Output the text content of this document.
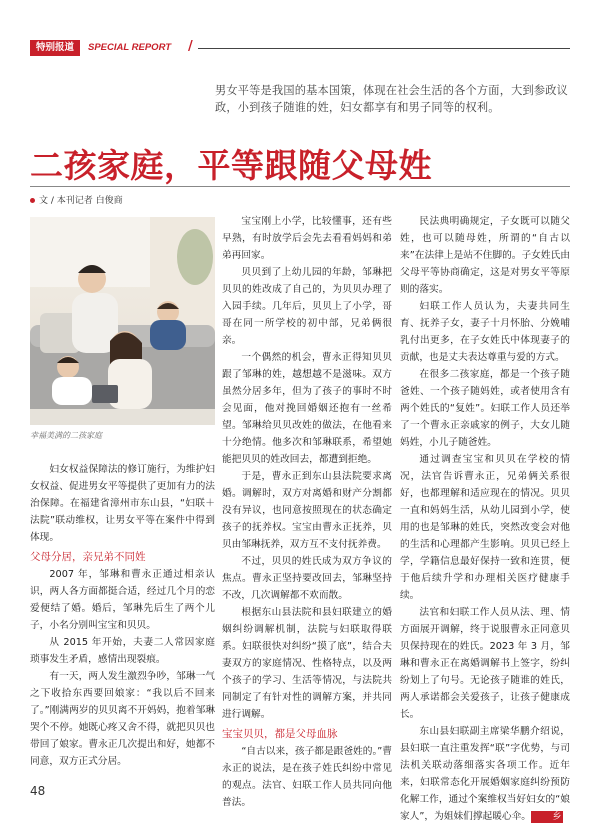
特别报道	SPECIAL REPORT /
男女平等是我国的基本国策，体现在社会生活的各个方面，大到参政议政，小到孩子随谁的姓，妇女都享有和男子同等的权利。
二孩家庭，平等跟随父母姓
文 / 本刊记者 白俊商
幸福美满的二孩家庭

妇女权益保障法的修订施行，为维护妇女权益、促进男女平等提供了更加有力的法治保障。在福建省漳州市东山县，“妇联＋法院”联动维权，让男女平等在案件中得到体现。

父母分居，亲兄弟不同姓

2007 年，邹琳和曹永正通过相亲认识，两人各方面都挺合适，经过几个月的恋爱便结了婚。婚后，邹琳先后生了两个儿子，小名分别叫宝宝和贝贝。

从 2015 年开始，夫妻二人常因家庭琐事发生矛盾，感情出现裂痕。

有一天，两人发生激烈争吵，邹琳一气之下收拾东西要回娘家：“我以后不回来了。”刚满两岁的贝贝离不开妈妈，抱着邹琳哭个不停。她既心疼又舍不得，就把贝贝也带回了娘家。曹永正几次提出和好，她都不同意，双方正式分居。

宝宝刚上小学，比较懂事，还有些早熟，有时放学后会先去看看妈妈和弟弟再回家。

贝贝到了上幼儿园的年龄，邹琳把贝贝的姓改成了自己的，为贝贝办理了入园手续。几年后，贝贝上了小学，哥哥在同一所学校的初中部，兄弟俩很亲。

一个偶然的机会，曹永正得知贝贝跟了邹琳的姓，越想越不是滋味。双方虽然分居多年，但为了孩子的事时不时会见面，他对挽回婚姻还抱有一丝希望。邹琳给贝贝改姓的做法，在他看来十分绝情。他多次和邹琳联系，希望她能把贝贝的姓改回去，都遭到拒绝。

于是，曹永正到东山县法院要求离婚。调解时，双方对离婚和财产分割都没有异议，也同意按照现在的状态确定孩子的抚养权。宝宝由曹永正抚养，贝贝由邹琳抚养，双方互不支付抚养费。

不过，贝贝的姓氏成为双方争议的焦点。曹永正坚持要改回去，邹琳坚持不改，几次调解都不欢而散。

根据东山县法院和县妇联建立的婚姻纠纷调解机制，法院与妇联取得联系。妇联很快对纠纷“摸了底”，结合夫妻双方的家庭情况、性格特点，以及两个孩子的学习、生活等情况，与法院共同制定了有针对性的调解方案，并共同进行调解。

宝宝贝贝，都是父母血脉

“自古以来，孩子都是跟爸姓的。”曹永正的说法，是在孩子姓氏纠纷中常见的观点。法官、妇联工作人员共同向他普法。

民法典明确规定，子女既可以随父姓，也可以随母姓，所谓的“自古以来”在法律上是站不住脚的。子女姓氏由父母平等协商确定，这是对男女平等原则的落实。

妇联工作人员认为，夫妻共同生育、抚养子女，妻子十月怀胎、分娩哺乳付出更多，在子女姓氏中体现妻子的贡献，也是丈夫表达尊重与爱的方式。

在很多二孩家庭，都是一个孩子随爸姓、一个孩子随妈姓，或者使用含有两个姓氏的“复姓”。妇联工作人员还举了一个曹永正亲戚家的例子，大女儿随妈姓，小儿子随爸姓。

通过调查宝宝和贝贝在学校的情况，法官告诉曹永正，兄弟俩关系很好，也都理解和适应现在的情况。贝贝一直和妈妈生活，从幼儿园到小学，使用的也是邹琳的姓氏，突然改变会对他的生活和心理都产生影响。贝贝已经上学，学籍信息最好保持一致和连贯，便于他后续升学和办理相关医疗健康手续。

法官和妇联工作人员从法、理、情方面展开调解，终于说服曹永正同意贝贝保持现在的姓氏。2023 年 3 月，邹琳和曹永正在离婚调解书上签字，纷纠纷划上了句号。无论孩子随谁的姓氏，两人承诺都会关爱孩子，让孩子健康成长。

东山县妇联副主席梁华鹏介绍说，县妇联一直注重发挥“联”字优势，与司法机关联动落细落实各项工作。近年来，妇联常态化开展婚姻家庭纠纷预防化解工作，通过个案维权当好妇女的“娘家人”，为姐妹们撑起暖心伞。 乡

48
